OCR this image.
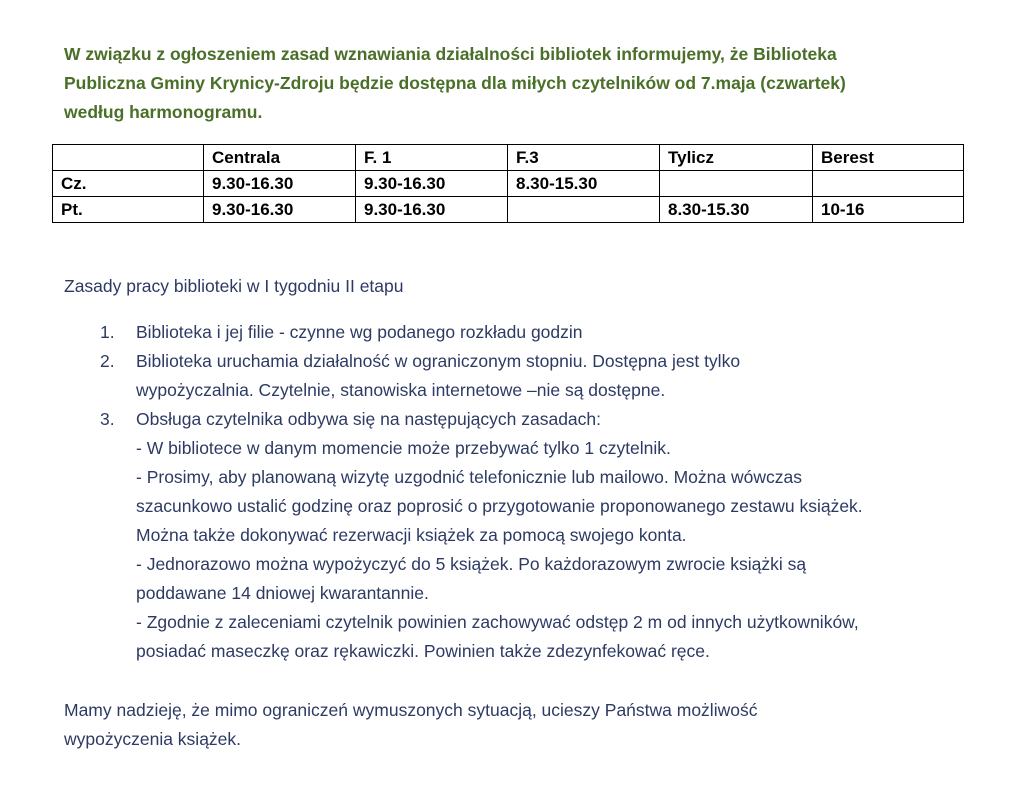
W związku z ogłoszeniem zasad wznawiania działalności bibliotek informujemy, że Biblioteka

Publiczna Gminy Krynicy-Zdroju będzie dostępna dla miłych czytelników od 7.maja (czwartek)

według harmonogramu.

	Centrala	F. 1	F.3	Tylicz	Berest
Cz.	9.30-16.30	9.30-16.30	8.30-15.30		
Pt.	9.30-16.30	9.30-16.30		8.30-15.30	10-16
Zasady pracy biblioteki w I tygodniu II etapu
1.	Biblioteka i jej filie - czynne wg podanego rozkładu godzin

2.	Biblioteka uruchamia działalność w ograniczonym stopniu. Dostępna jest tylko

wypożyczalnia. Czytelnie, stanowiska internetowe –nie są dostępne.

3.	Obsługa czytelnika odbywa się na następujących zasadach:

- W bibliotece w danym momencie może przebywać tylko 1 czytelnik.

- Prosimy, aby planowaną wizytę uzgodnić telefonicznie lub mailowo. Można wówczas

szacunkowo ustalić godzinę oraz poprosić o przygotowanie proponowanego zestawu książek.

Można także dokonywać rezerwacji książek za pomocą swojego konta.

- Jednorazowo można wypożyczyć do 5 książek. Po każdorazowym zwrocie książki są

poddawane 14 dniowej kwarantannie.

- Zgodnie z zaleceniami czytelnik powinien zachowywać odstęp 2 m od innych użytkowników,

posiadać maseczkę oraz rękawiczki. Powinien także zdezynfekować ręce.

Mamy nadzieję, że mimo ograniczeń wymuszonych sytuacją, ucieszy Państwa możliwość
wypożyczenia książek.
